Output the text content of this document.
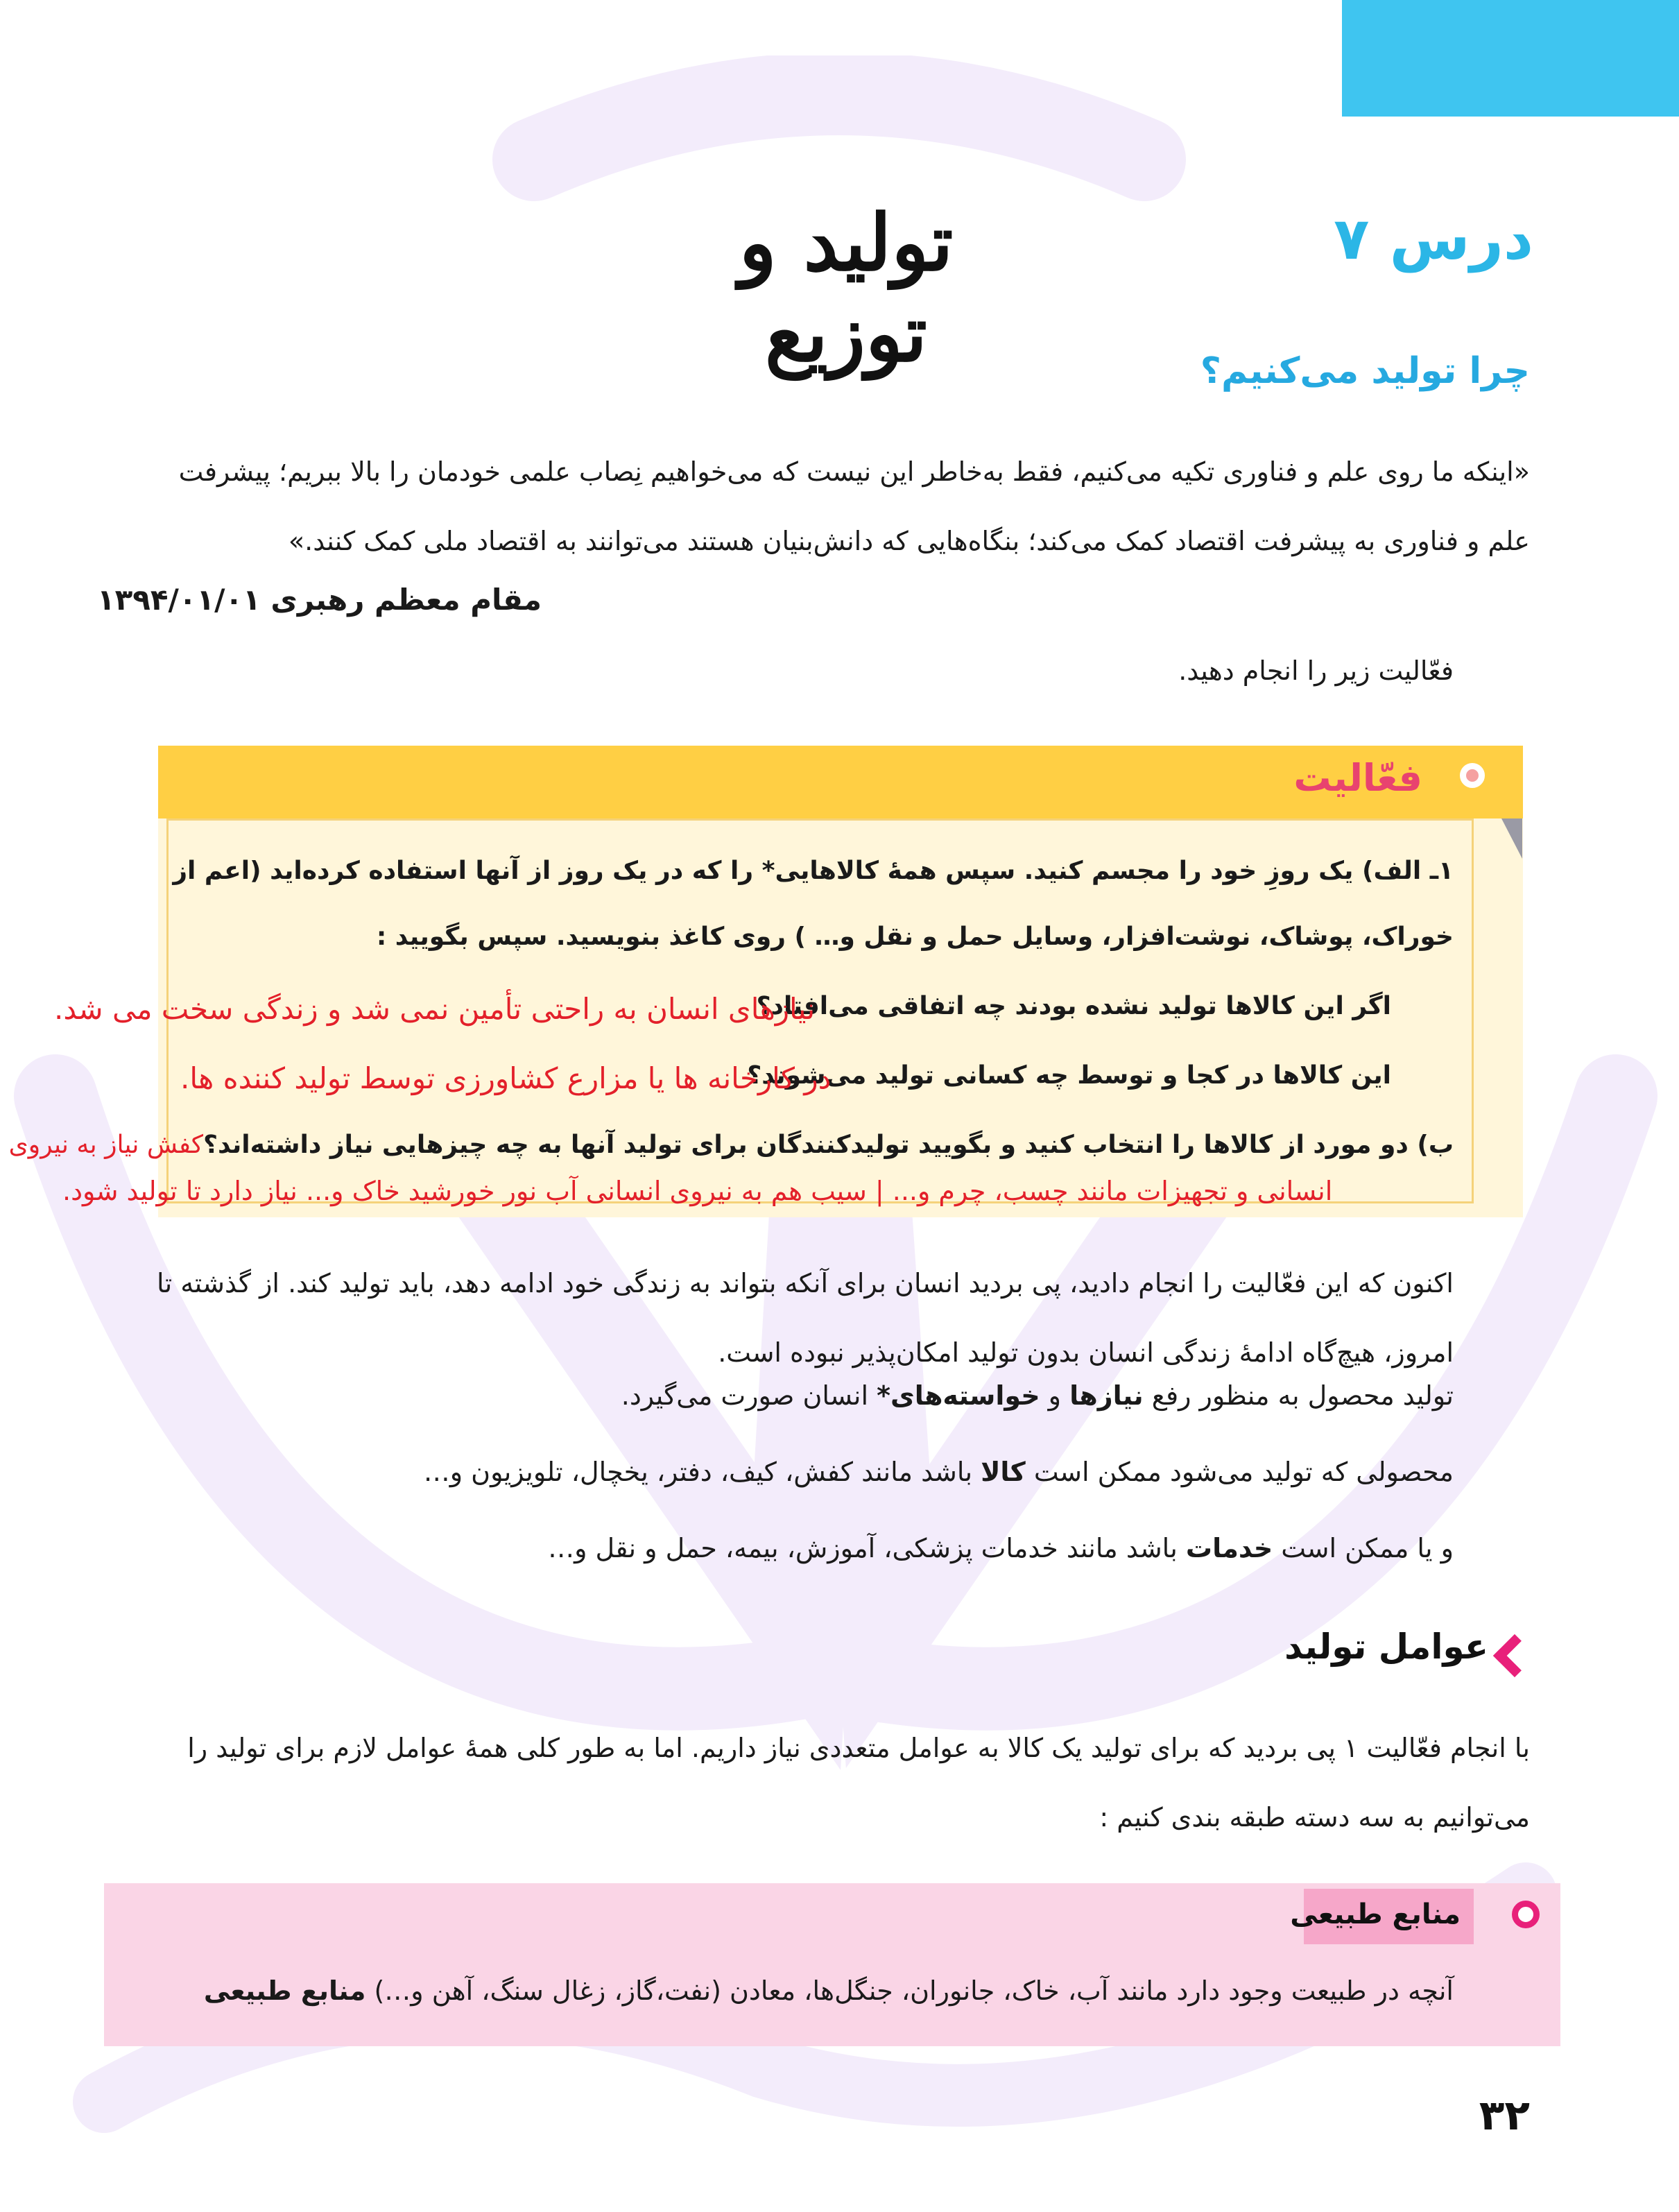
درس ۷
تولید و توزیع	چرا تولید می‌کنیم؟
«اینکه ما روی علم و فناوری تکیه می‌کنیم، فقط به‌خاطر این نیست که می‌خواهیم نِصاب علمی خودمان را بالا ببریم؛ پیشرفت علم و فناوری به پیشرفت اقتصاد کمک می‌کند؛ بنگاه‌هایی که دانش‌بنیان هستند می‌توانند به اقتصاد ملی کمک کنند.»
مقام معظم رهبری ۱۳۹۴/۰۱/۰۱
فعّالیت زیر را انجام دهید.
فعّالیت
۱ـ الف) یک روزِ خود را مجسم کنید. سپس همهٔ کالاهایی* را که در یک روز از آنها استفاده کرده‌اید (اعم از
خوراک، پوشاک، نوشت‌افزار، وسایل حمل و نقل و… ) روی کاغذ بنویسید. سپس بگویید :
اگر این کالاها تولید نشده بودند چه اتفاقی می‌افتاد؟
نیازهای انسان به راحتی تأمین نمی شد و زندگی سخت می شد.
این کالاها در کجا و توسط چه کسانی تولید می‌شوند؟
در کارخانه ها یا مزارع کشاورزی توسط تولید کننده ها.
ب) دو مورد از کالاها را انتخاب کنید و بگویید تولیدکنندگان برای تولید آنها به چه چیزهایی نیاز داشته‌اند؟کفش نیاز به نیروی
انسانی و تجهیزات مانند چسب، چرم و... | سیب هم به نیروی انسانی آب نور خورشید خاک و... نیاز دارد تا تولید شود.
اکنون که این فعّالیت را انجام دادید، پی بردید انسان برای آنکه بتواند به زندگی خود ادامه دهد، باید تولید کند. از گذشته تا امروز، هیچ‌گاه ادامهٔ زندگی انسان بدون تولید امکان‌پذیر نبوده است.
تولید محصول به منظور رفع نیازها و خواسته‌های* انسان صورت می‌گیرد.
محصولی که تولید می‌شود ممکن است کالا باشد مانند کفش، کیف، دفتر، یخچال، تلویزیون و…
و یا ممکن است خدمات باشد مانند خدمات پزشکی، آموزش، بیمه، حمل و نقل و…
عوامل تولید
با انجام فعّالیت ۱ پی بردید که برای تولید یک کالا به عوامل متعددی نیاز داریم. اما به طور کلی همهٔ عوامل لازم برای تولید را می‌توانیم به سه دسته طبقه بندی کنیم :
منابع طبیعی
آنچه در طبیعت وجود دارد مانند آب، خاک، جانوران، جنگل‌ها، معادن (نفت،گاز، زغال سنگ، آهن و…) منابع طبیعی
۳۲
